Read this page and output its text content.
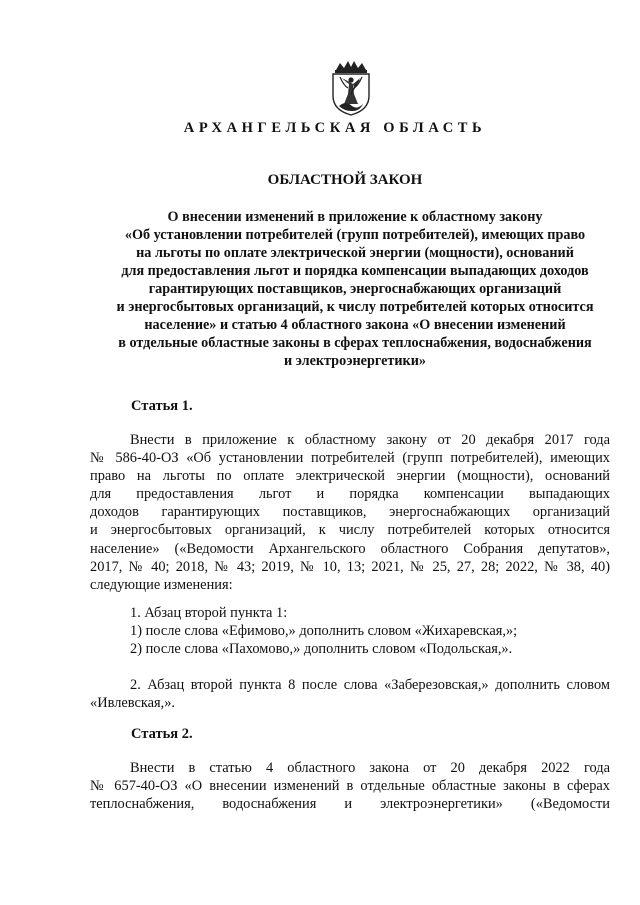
АРХАНГЕЛЬСКАЯ ОБЛАСТЬ
ОБЛАСТНОЙ ЗАКОН
О внесении изменений в приложение к областному закону
«Об установлении потребителей (групп потребителей), имеющих право
на льготы по оплате электрической энергии (мощности), оснований
для предоставления льгот и порядка компенсации выпадающих доходов
гарантирующих поставщиков, энергоснабжающих организаций
и энергосбытовых организаций, к числу потребителей которых относится
население» и статью 4 областного закона «О внесении изменений
в отдельные областные законы в сферах теплоснабжения, водоснабжения
и электроэнергетики»
Статья 1.
Внести в приложение к областному закону от 20 декабря 2017 года
№ 586-40-ОЗ «Об установлении потребителей (групп потребителей), имеющих
право на льготы по оплате электрической энергии (мощности), оснований
для предоставления льгот и порядка компенсации выпадающих
доходов гарантирующих поставщиков, энергоснабжающих организаций
и энергосбытовых организаций, к числу потребителей которых относится
население» («Ведомости Архангельского областного Собрания депутатов»,
2017, № 40; 2018, № 43; 2019, № 10, 13; 2021, № 25, 27, 28; 2022, № 38, 40)
следующие изменения:
1. Абзац второй пункта 1:
1) после слова «Ефимово,» дополнить словом «Жихаревская,»;
2) после слова «Пахомово,» дополнить словом «Подольская,».
2. Абзац второй пункта 8 после слова «Заберезовская,» дополнить словом
«Ивлевская,».
Статья 2.
Внести в статью 4 областного закона от 20 декабря 2022 года
№ 657-40-ОЗ «О внесении изменений в отдельные областные законы в сферах
теплоснабжения, водоснабжения и электроэнергетики» («Ведомости
